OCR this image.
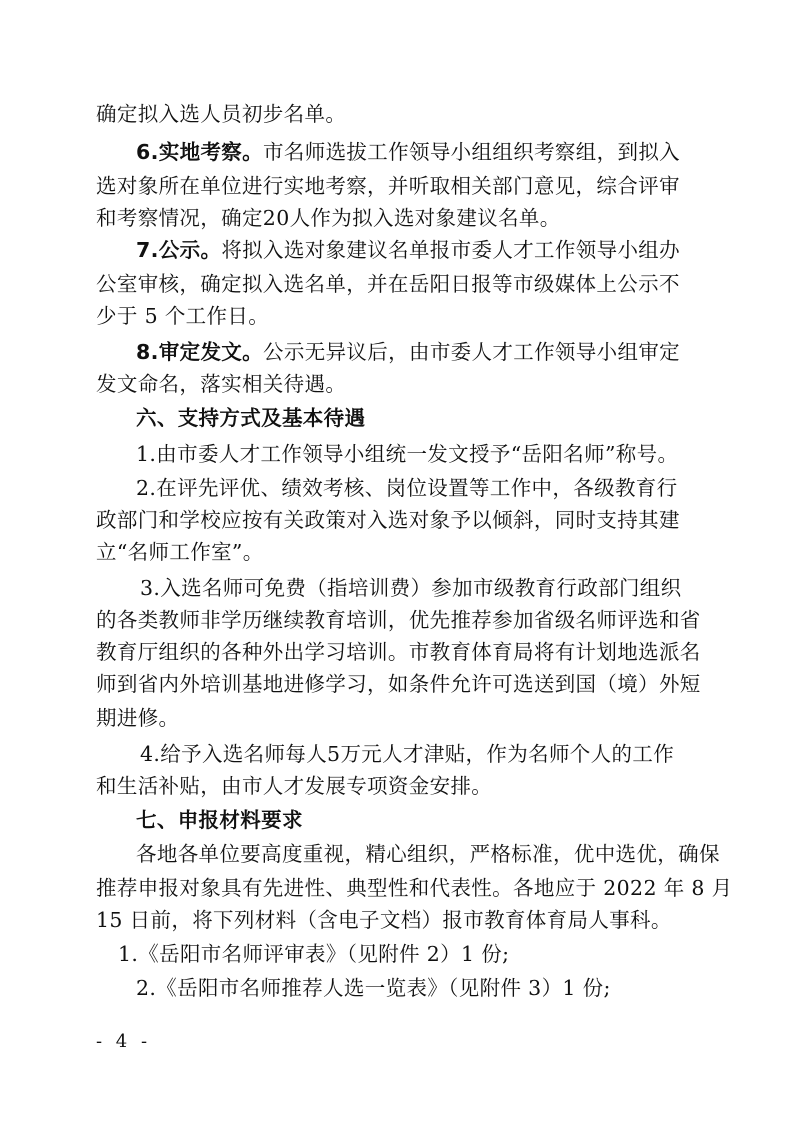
确定拟入选人员初步名单。
6.实地考察。市名师选拔工作领导小组组织考察组，到拟入
选对象所在单位进行实地考察，并听取相关部门意见，综合评审
和考察情况，确定20人作为拟入选对象建议名单。
7.公示。将拟入选对象建议名单报市委人才工作领导小组办
公室审核，确定拟入选名单，并在岳阳日报等市级媒体上公示不
少于 5 个工作日。
8.审定发文。公示无异议后，由市委人才工作领导小组审定
发文命名，落实相关待遇。
六、支持方式及基本待遇
1.由市委人才工作领导小组统一发文授予“岳阳名师”称号。
2.在评先评优、绩效考核、岗位设置等工作中，各级教育行
政部门和学校应按有关政策对入选对象予以倾斜，同时支持其建
立“名师工作室”。
3.入选名师可免费（指培训费）参加市级教育行政部门组织
的各类教师非学历继续教育培训，优先推荐参加省级名师评选和省
教育厅组织的各种外出学习培训。市教育体育局将有计划地选派名
师到省内外培训基地进修学习，如条件允许可选送到国（境）外短
期进修。
4.给予入选名师每人5万元人才津贴，作为名师个人的工作
和生活补贴，由市人才发展专项资金安排。
七、申报材料要求
各地各单位要高度重视，精心组织，严格标准，优中选优，确保
推荐申报对象具有先进性、典型性和代表性。各地应于 2022 年 8 月
15 日前，将下列材料（含电子文档）报市教育体育局人事科。
1.《岳阳市名师评审表》（见附件 2）1 份;
2.《岳阳市名师推荐人选一览表》（见附件 3）1 份;
- 4 -
